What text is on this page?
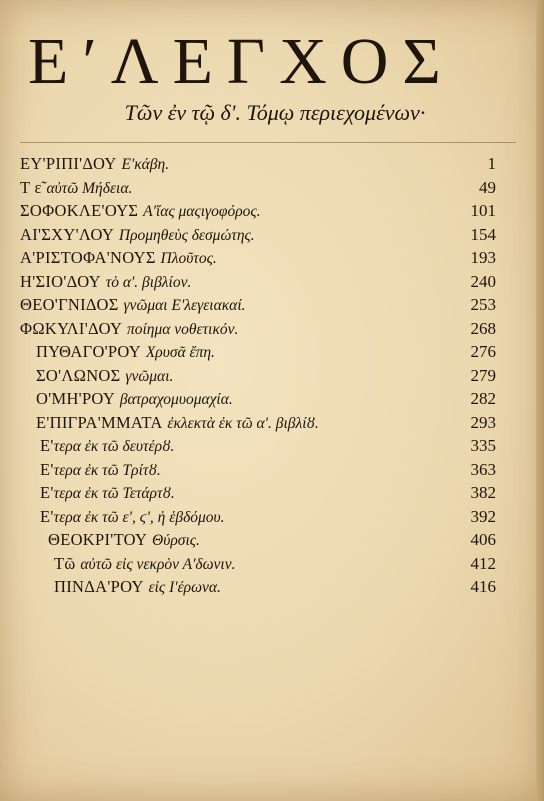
ΕʹΛΕΓΧΟΣ
Τῶν ἐν τῷ δ'. Τόμῳ περιεχομένων·
ΕΥ'ΡΙΠΙ'ΔΟΥ Ε'κάβη.	1
Τ ε̃ αὐτῶ Μήδεια.	49
ΣΟΦΟΚΛΕ'ΟΥΣ Α'ἴας μαςιγοφόρος.	101
ΑΙ'ΣΧΥ'ΛΟΥ Προμηθεὺς δεσμώτης.	154
Α'ΡΙΣΤΟΦΑ'ΝΟΥΣ Πλοῦτος.	193
Η'ΣΙΟ'ΔΟΥ τὸ α'. βιβλίον.	240
ΘΕΟ'ΓΝΙΔΟΣ γνῶμαι Ε'λεγειακαί.	253
ΦΩΚΥΛΙ'ΔΟΥ ποίημα νοθετικόν.	268
ΠΥΘΑΓΟ'ΡΟΥ Χρυσᾶ ἔπη.	276
ΣΟ'ΛΩΝΟΣ γνῶμαι.	279
Ο'ΜΗ'ΡΟΥ βατραχομυομαχία.	282
Ε'ΠΙΓΡΑ'ΜΜΑΤΑ ἐκλεκτὰ ἐκ τῶ α'. βιβλίȣ.	293
Ε'τερα ἐκ τῶ δευτέρȣ.	335
Ε'τερα ἐκ τῶ Τρίτȣ.	363
Ε'τερα ἐκ τῶ Τετάρτȣ.	382
Ε'τερα ἐκ τῶ ε', ϛ', ἠ ἑβδόμου.	392
ΘΕΟΚΡΙ'ΤΟΥ Θύρσις.	406
Τῶ αὐτῶ εἰς νεκρὸν Α'δωνιν.	412
ΠΙΝΔΑ'ΡΟΥ εἰς Ι'έρωνα.	416
